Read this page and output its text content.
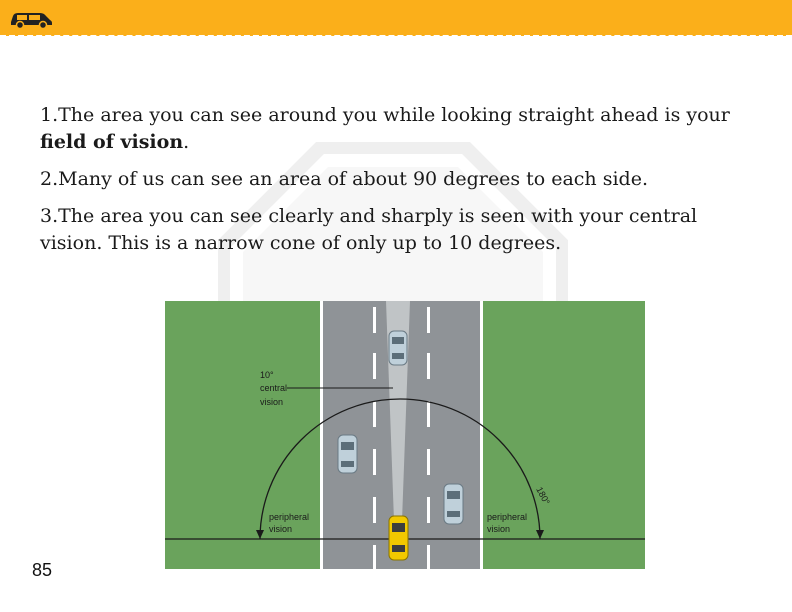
1.The area you can see around you while looking straight ahead is your field of vision.

2.Many of us can see an area of about 90 degrees to each side.

3.The area you can see clearly and sharply is seen with your central vision. This is a narrow cone of only up to 10 degrees.

10°
central
vision
180°
peripheral
vision
peripheral
vision
85
